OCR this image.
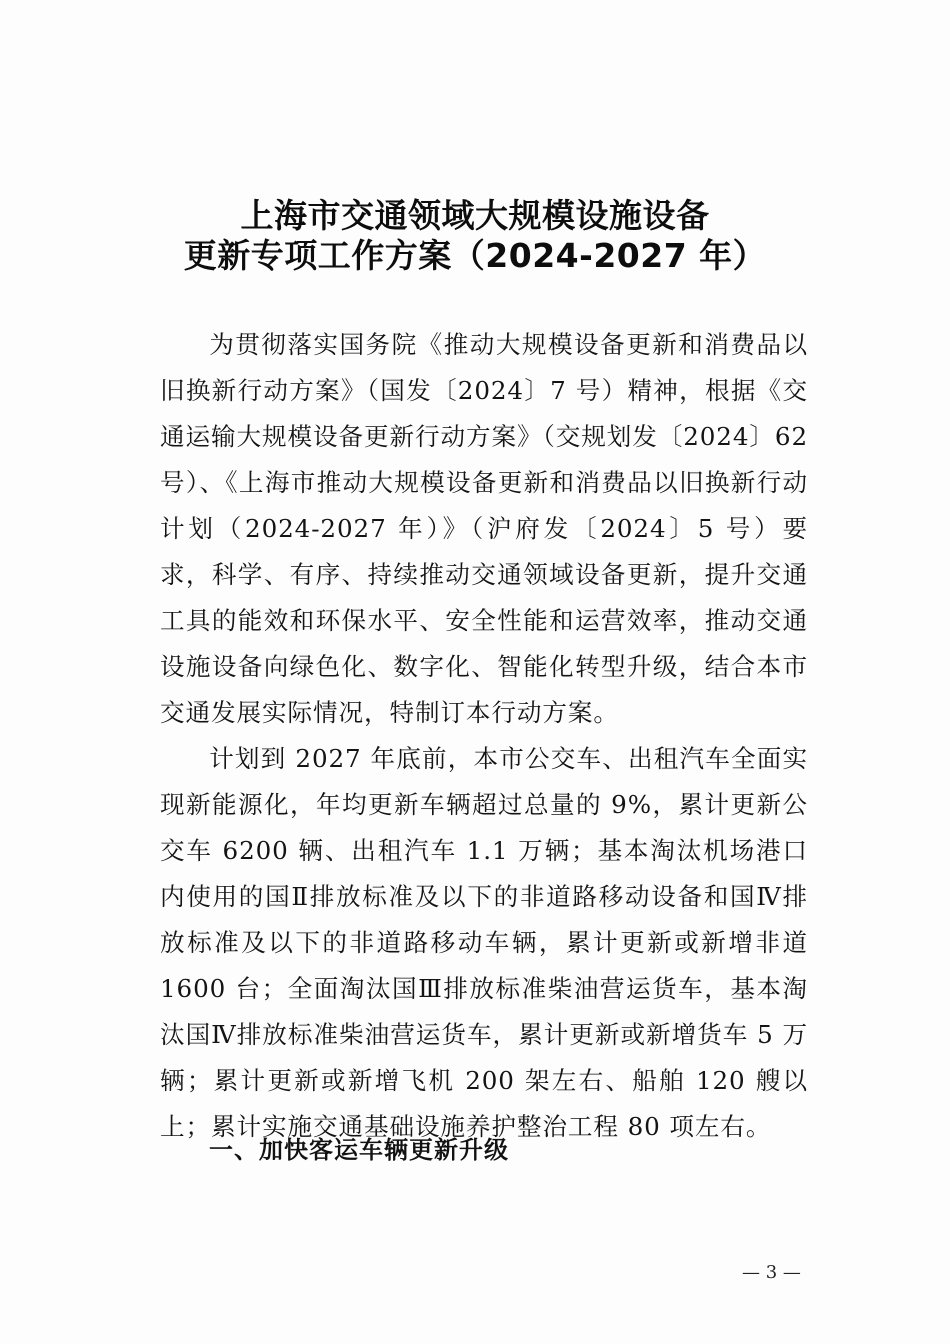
上海市交通领域大规模设施设备
更新专项工作方案（2024-2027 年）

为贯彻落实国务院《推动大规模设备更新和消费品以旧换新行动方案》（国发〔2024〕7 号）精神，根据《交通运输大规模设备更新行动方案》（交规划发〔2024〕62 号）、《上海市推动大规模设备更新和消费品以旧换新行动计划（2024-2027 年）》（沪府发〔2024〕5 号）要求，科学、有序、持续推动交通领域设备更新，提升交通工具的能效和环保水平、安全性能和运营效率，推动交通设施设备向绿色化、数字化、智能化转型升级，结合本市交通发展实际情况，特制订本行动方案。

计划到 2027 年底前，本市公交车、出租汽车全面实现新能源化，年均更新车辆超过总量的 9%，累计更新公交车 6200 辆、出租汽车 1.1 万辆；基本淘汰机场港口内使用的国Ⅱ排放标准及以下的非道路移动设备和国Ⅳ排放标准及以下的非道路移动车辆，累计更新或新增非道 1600 台；全面淘汰国Ⅲ排放标准柴油营运货车，基本淘汰国Ⅳ排放标准柴油营运货车，累计更新或新增货车 5 万辆；累计更新或新增飞机 200 架左右、船舶 120 艘以上；累计实施交通基础设施养护整治工程 80 项左右。

一、加快客运车辆更新升级
— 3 —
